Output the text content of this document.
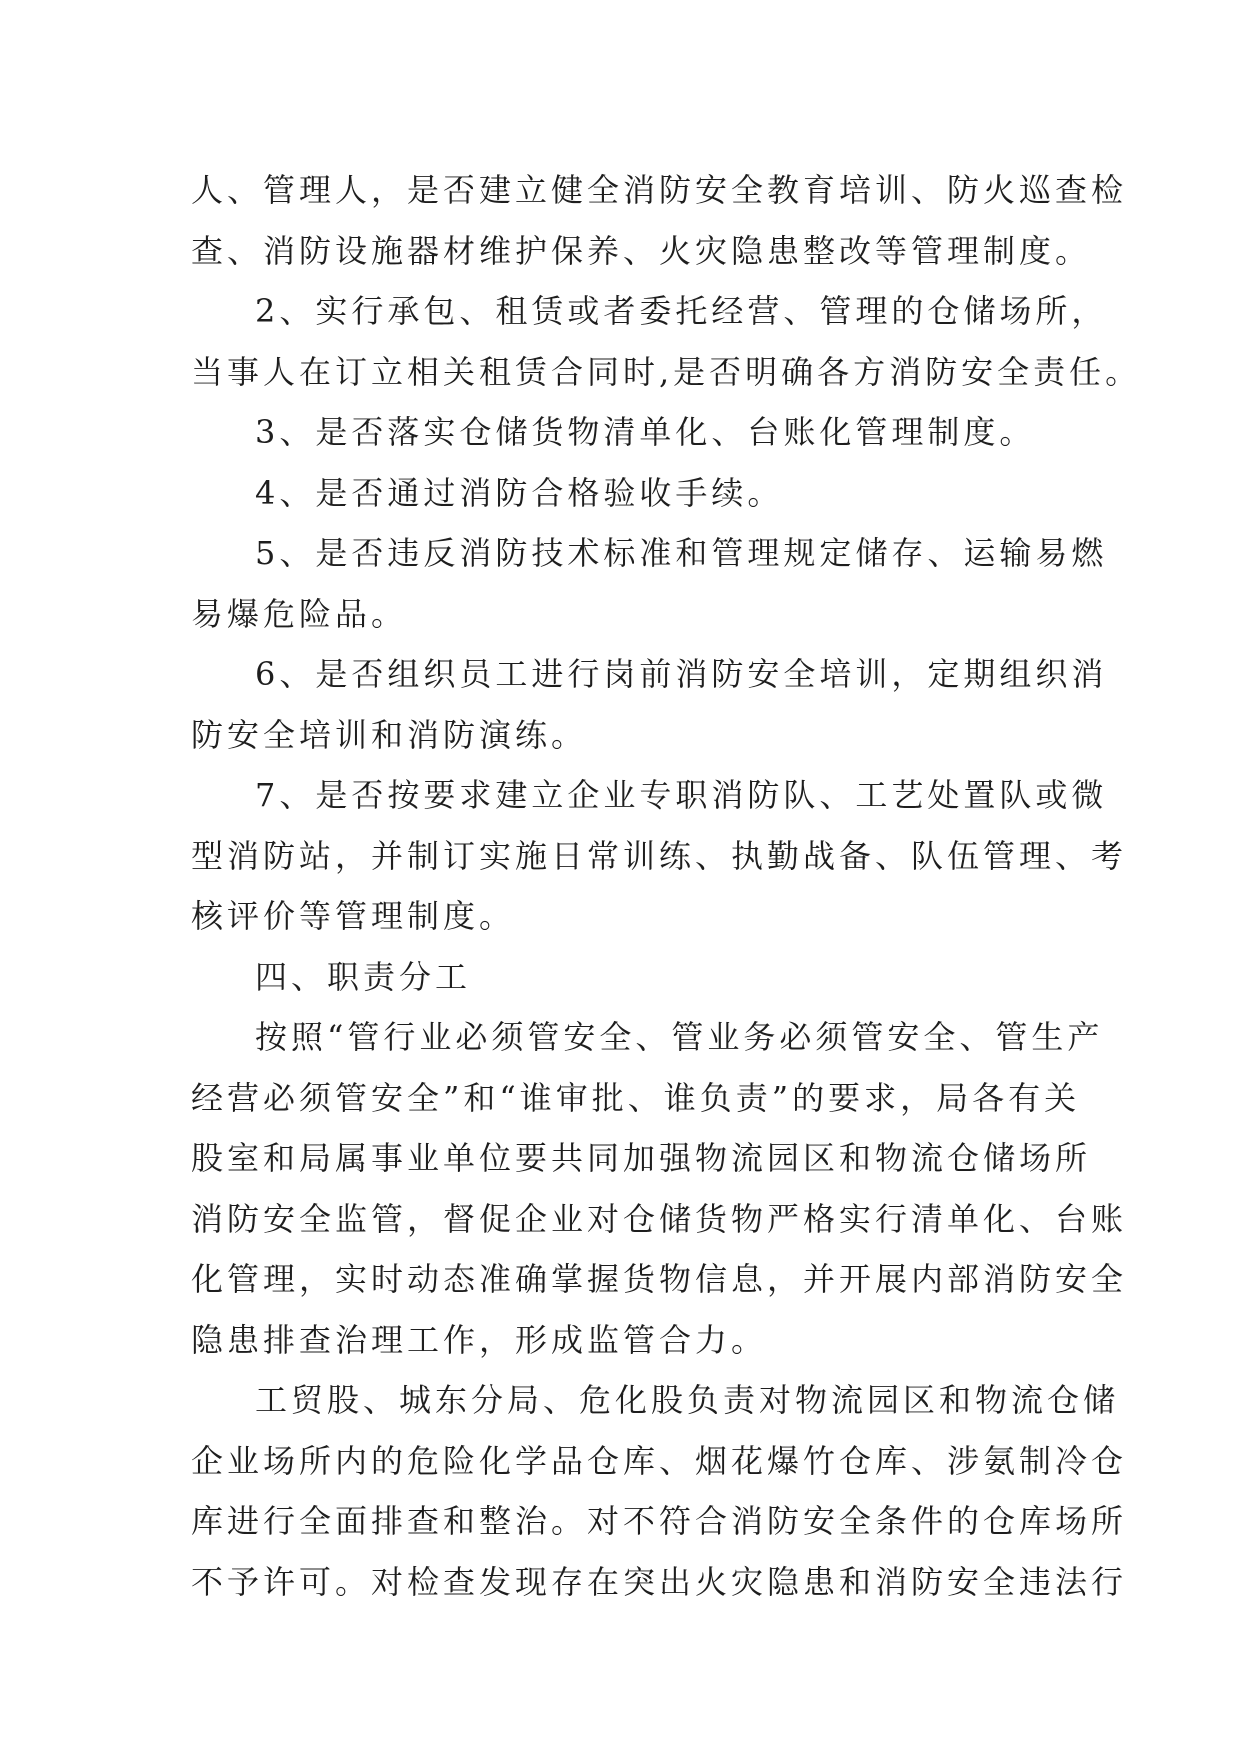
人、管理人，是否建立健全消防安全教育培训、防火巡查检
查、消防设施器材维护保养、火灾隐患整改等管理制度。
2、实行承包、租赁或者委托经营、管理的仓储场所，
当事人在订立相关租赁合同时,是否明确各方消防安全责任。
3、是否落实仓储货物清单化、台账化管理制度。
4、是否通过消防合格验收手续。
5、是否违反消防技术标准和管理规定储存、运输易燃
易爆危险品。
6、是否组织员工进行岗前消防安全培训，定期组织消
防安全培训和消防演练。
7、是否按要求建立企业专职消防队、工艺处置队或微
型消防站，并制订实施日常训练、执勤战备、队伍管理、考
核评价等管理制度。
四、职责分工
按照“管行业必须管安全、管业务必须管安全、管生产
经营必须管安全”和“谁审批、谁负责”的要求，局各有关
股室和局属事业单位要共同加强物流园区和物流仓储场所
消防安全监管，督促企业对仓储货物严格实行清单化、台账
化管理，实时动态准确掌握货物信息，并开展内部消防安全
隐患排查治理工作，形成监管合力。
工贸股、城东分局、危化股负责对物流园区和物流仓储
企业场所内的危险化学品仓库、烟花爆竹仓库、涉氨制冷仓
库进行全面排查和整治。对不符合消防安全条件的仓库场所
不予许可。对检查发现存在突出火灾隐患和消防安全违法行
